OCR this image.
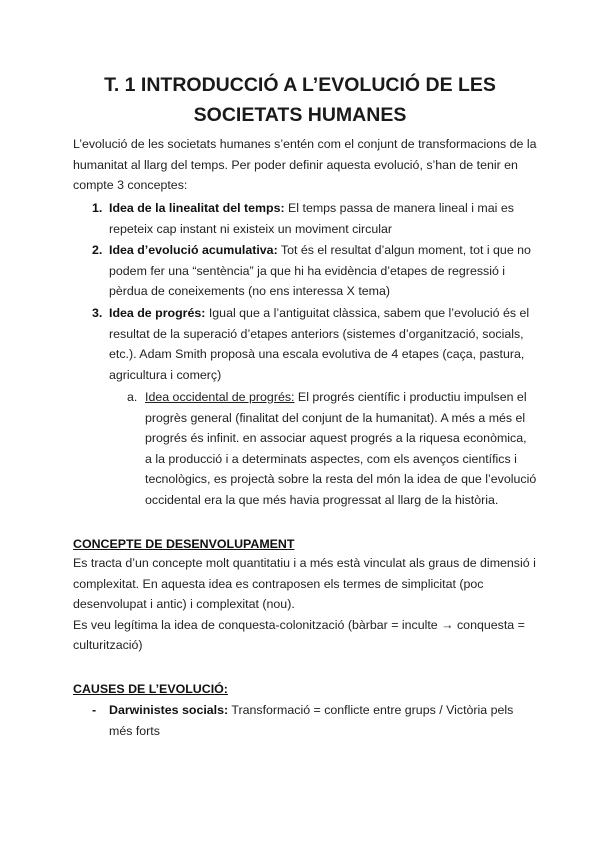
T. 1 INTRODUCCIÓ A L’EVOLUCIÓ DE LES
SOCIETATS HUMANES
L’evolució de les societats humanes s’entén com el conjunt de transformacions de la
humanitat al llarg del temps. Per poder definir aquesta evolució, s’han de tenir en
compte 3 conceptes:
1. Idea de la linealitat del temps: El temps passa de manera lineal i mai es
repeteix cap instant ni existeix un moviment circular
2. Idea d’evolució acumulativa: Tot és el resultat d’algun moment, tot i que no
podem fer una “sentència” ja que hi ha evidència d’etapes de regressió i
pèrdua de coneixements (no ens interessa X tema)
3. Idea de progrés: Igual que a l’antiguitat clàssica, sabem que l’evolució és el
resultat de la superació d’etapes anteriors (sistemes d’organització, socials,
etc.). Adam Smith proposà una escala evolutiva de 4 etapes (caça, pastura,
agricultura i comerç)
a. Idea occidental de progrés: El progrés científic i productiu impulsen el
progrès general (finalitat del conjunt de la humanitat). A més a més el
progrés és infinit. en associar aquest progrés a la riquesa econòmica,
a la producció i a determinats aspectes, com els avenços científics i
tecnològics, es projectà sobre la resta del món la idea de que l’evolució
occidental era la que més havia progressat al llarg de la història.
CONCEPTE DE DESENVOLUPAMENT
Es tracta d’un concepte molt quantitatiu i a més està vinculat als graus de dimensió i
complexitat. En aquesta idea es contraposen els termes de simplicitat (poc
desenvolupat i antic) i complexitat (nou).
Es veu legítima la idea de conquesta-colonització (bàrbar = inculte → conquesta =
culturització)
CAUSES DE L’EVOLUCIÓ:
- Darwinistes socials: Transformació = conflicte entre grups / Victòria pels
més forts
